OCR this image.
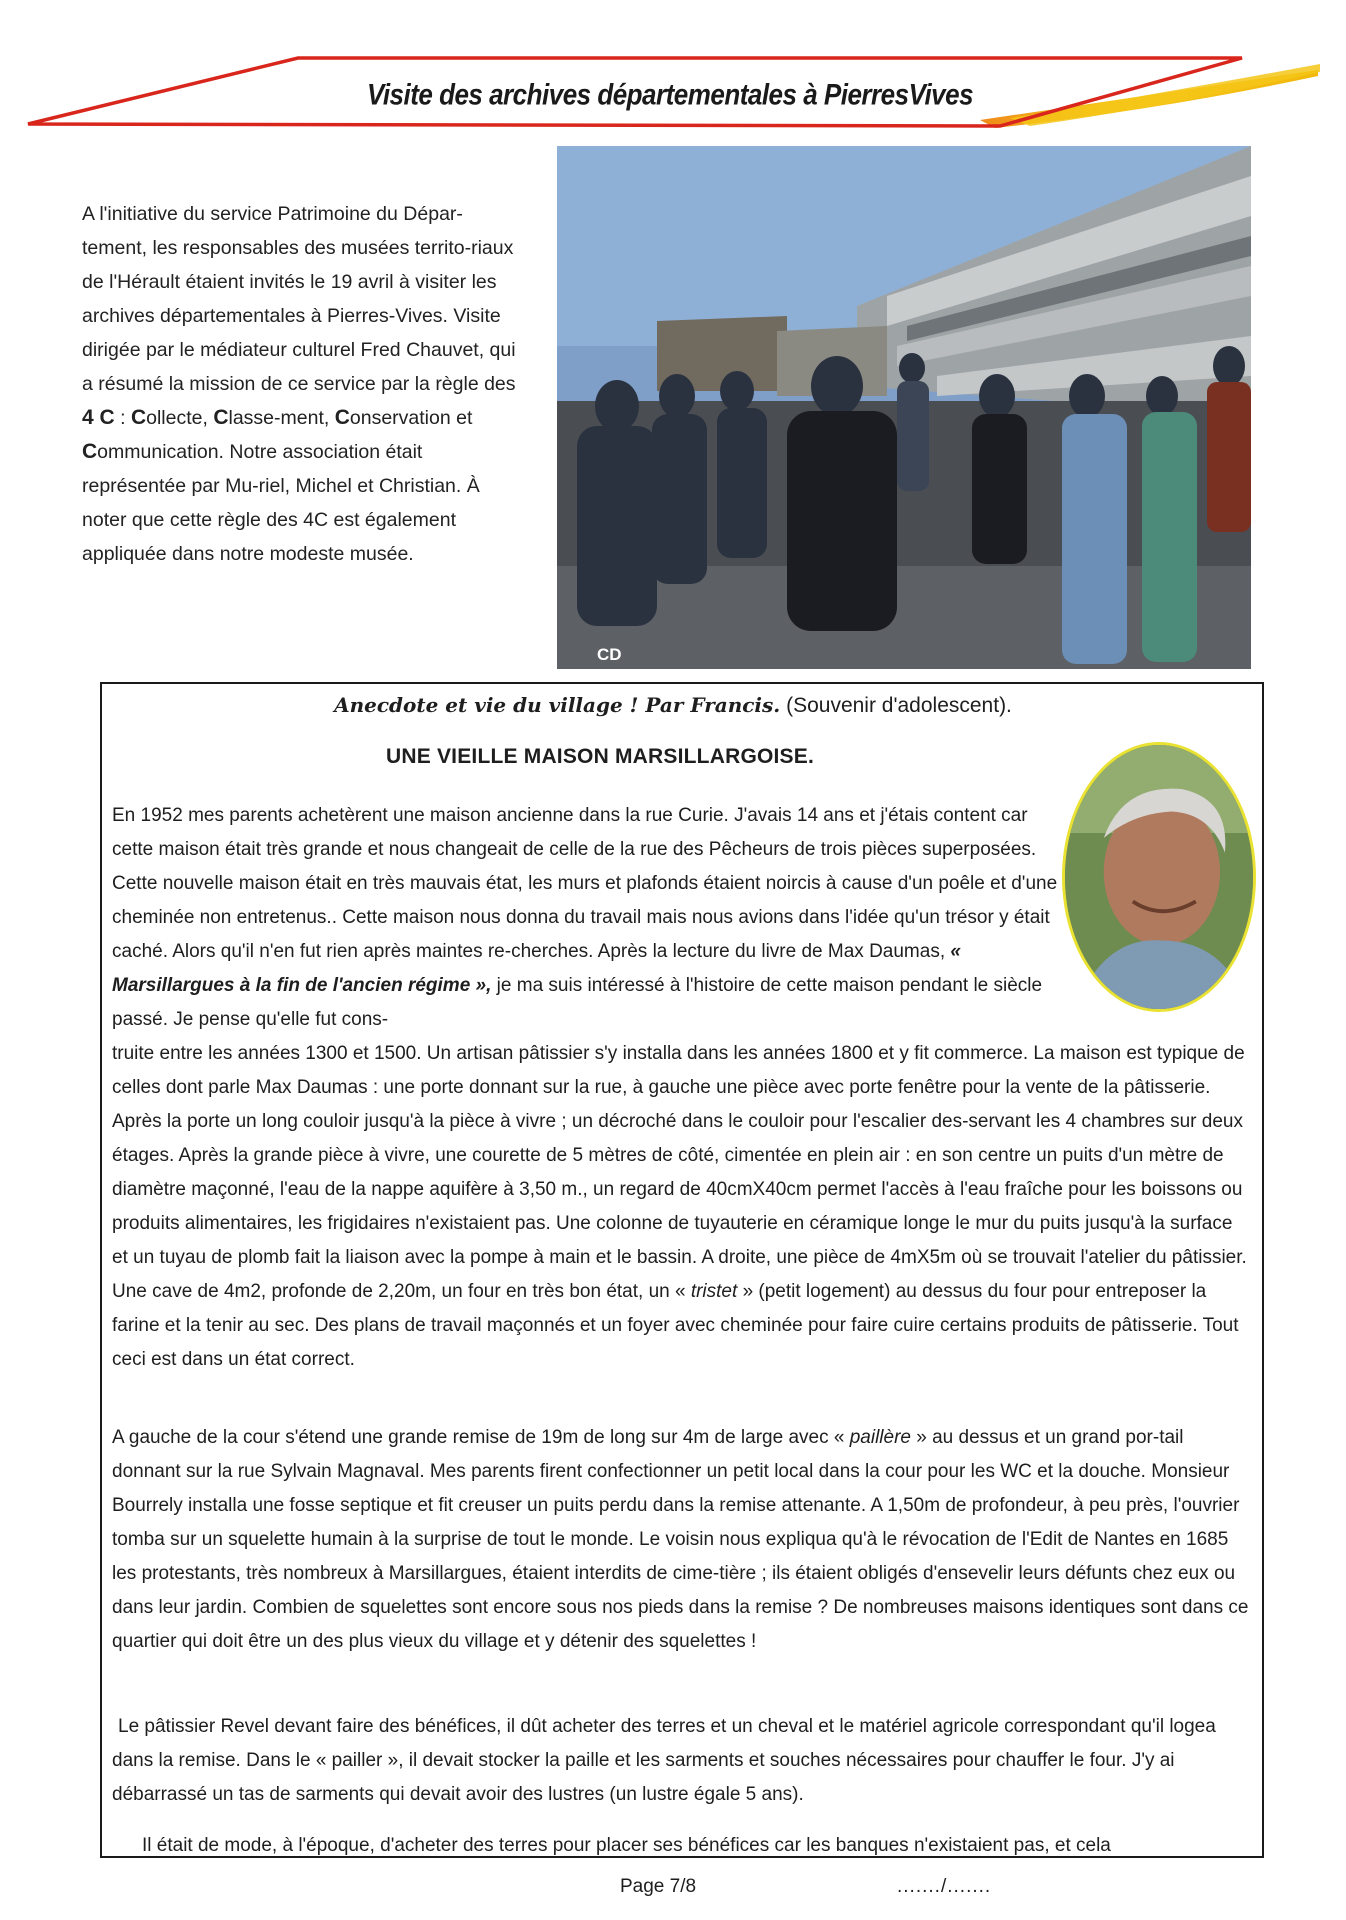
Visite des archives départementales à PierresVives
A l'initiative du service Patrimoine du Dépar-tement, les responsables des musées territo-riaux de l'Hérault étaient invités le 19 avril à visiter les archives départementales à Pierres-Vives. Visite dirigée par le médiateur culturel Fred Chauvet, qui a résumé la mission de ce service par la règle des 4 C : Collecte, Classe-ment, Conservation et Communication. Notre association était représentée par Mu-riel, Michel et Christian. À noter que cette règle des 4C est également appliquée dans notre modeste musée.
CD
Anecdote et vie du village ! Par Francis. (Souvenir d'adolescent).
UNE VIEILLE MAISON MARSILLARGOISE.
En 1952 mes parents achetèrent une maison ancienne dans la rue Curie. J'avais 14 ans et j'étais content car cette maison était très grande et nous changeait de celle de la rue des Pêcheurs de trois pièces superposées. Cette nouvelle maison était en très mauvais état, les murs et plafonds étaient noircis à cause d'un poêle et d'une cheminée non entretenus.. Cette maison nous donna du travail mais nous avions dans l'idée qu'un trésor y était caché. Alors qu'il n'en fut rien après maintes re-cherches. Après la lecture du livre de Max Daumas, « Marsillargues à la fin de l'ancien régime », je ma suis intéressé à l'histoire de cette maison pendant le siècle passé. Je pense qu'elle fut cons-
truite entre les années 1300 et 1500. Un artisan pâtissier s'y installa dans les années 1800 et y fit commerce. La maison est typique de celles dont parle Max Daumas : une porte donnant sur la rue, à gauche une pièce avec porte fenêtre pour la vente de la pâtisserie. Après la porte un long couloir jusqu'à la pièce à vivre ; un décroché dans le couloir pour l'escalier des-servant les 4 chambres sur deux étages. Après la grande pièce à vivre, une courette de 5 mètres de côté, cimentée en plein air : en son centre un puits d'un mètre de diamètre maçonné, l'eau de la nappe aquifère à 3,50 m., un regard de 40cmX40cm permet l'accès à l'eau fraîche pour les boissons ou produits alimentaires, les frigidaires n'existaient pas. Une colonne de tuyauterie en céramique longe le mur du puits jusqu'à la surface et un tuyau de plomb fait la liaison avec la pompe à main et le bassin. A droite, une pièce de 4mX5m où se trouvait l'atelier du pâtissier. Une cave de 4m2, profonde de 2,20m, un four en très bon état, un « tristet » (petit logement) au dessus du four pour entreposer la farine et la tenir au sec. Des plans de travail maçonnés et un foyer avec cheminée pour faire cuire certains produits de pâtisserie. Tout ceci est dans un état correct.
A gauche de la cour s'étend une grande remise de 19m de long sur 4m de large avec « paillère » au dessus et un grand por-tail donnant sur la rue Sylvain Magnaval. Mes parents firent confectionner un petit local dans la cour pour les WC et la douche. Monsieur Bourrely installa une fosse septique et fit creuser un puits perdu dans la remise attenante. A 1,50m de profondeur, à peu près, l'ouvrier tomba sur un squelette humain à la surprise de tout le monde. Le voisin nous expliqua qu'à le révocation de l'Edit de Nantes en 1685 les protestants, très nombreux à Marsillargues, étaient interdits de cime-tière ; ils étaient obligés d'ensevelir leurs défunts chez eux ou dans leur jardin. Combien de squelettes sont encore sous nos pieds dans la remise ? De nombreuses maisons identiques sont dans ce quartier qui doit être un des plus vieux du village et y détenir des squelettes !
Le pâtissier Revel devant faire des bénéfices, il dût acheter des terres et un cheval et le matériel agricole correspondant qu'il logea dans la remise. Dans le « pailler », il devait stocker la paille et les sarments et souches nécessaires pour chauffer le four. J'y ai débarrassé un tas de sarments qui devait avoir des lustres (un lustre égale 5 ans).
Il était de mode, à l'époque, d'acheter des terres pour placer ses bénéfices car les banques n'existaient pas, et cela
Page 7/8	......./.......
